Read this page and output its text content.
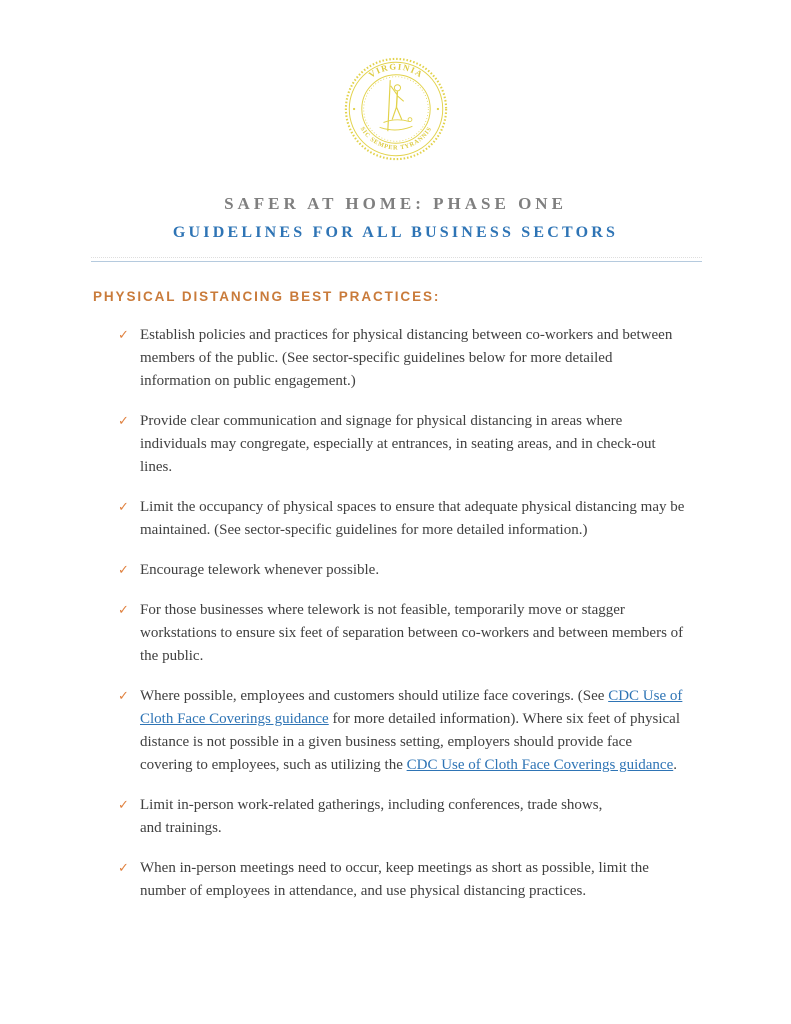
VIRGINIA
SIC SEMPER TYRANNIS
SAFER AT HOME: PHASE ONE
GUIDELINES FOR ALL BUSINESS SECTORS
PHYSICAL DISTANCING BEST PRACTICES:
✓ Establish policies and practices for physical distancing between co-workers and between members of the public. (See sector-specific guidelines below for more detailed information on public engagement.)
✓ Provide clear communication and signage for physical distancing in areas where individuals may congregate, especially at entrances, in seating areas, and in check-out lines.
✓ Limit the occupancy of physical spaces to ensure that adequate physical distancing may be maintained. (See sector-specific guidelines for more detailed information.)
✓ Encourage telework whenever possible.
✓ For those businesses where telework is not feasible, temporarily move or stagger workstations to ensure six feet of separation between co-workers and between members of the public.
✓ Where possible, employees and customers should utilize face coverings. (See CDC Use of Cloth Face Coverings guidance for more detailed information). Where six feet of physical distance is not possible in a given business setting, employers should provide face covering to employees, such as utilizing the CDC Use of Cloth Face Coverings guidance.
✓ Limit in-person work-related gatherings, including conferences, trade shows,
and trainings.
✓ When in-person meetings need to occur, keep meetings as short as possible, limit the number of employees in attendance, and use physical distancing practices.
